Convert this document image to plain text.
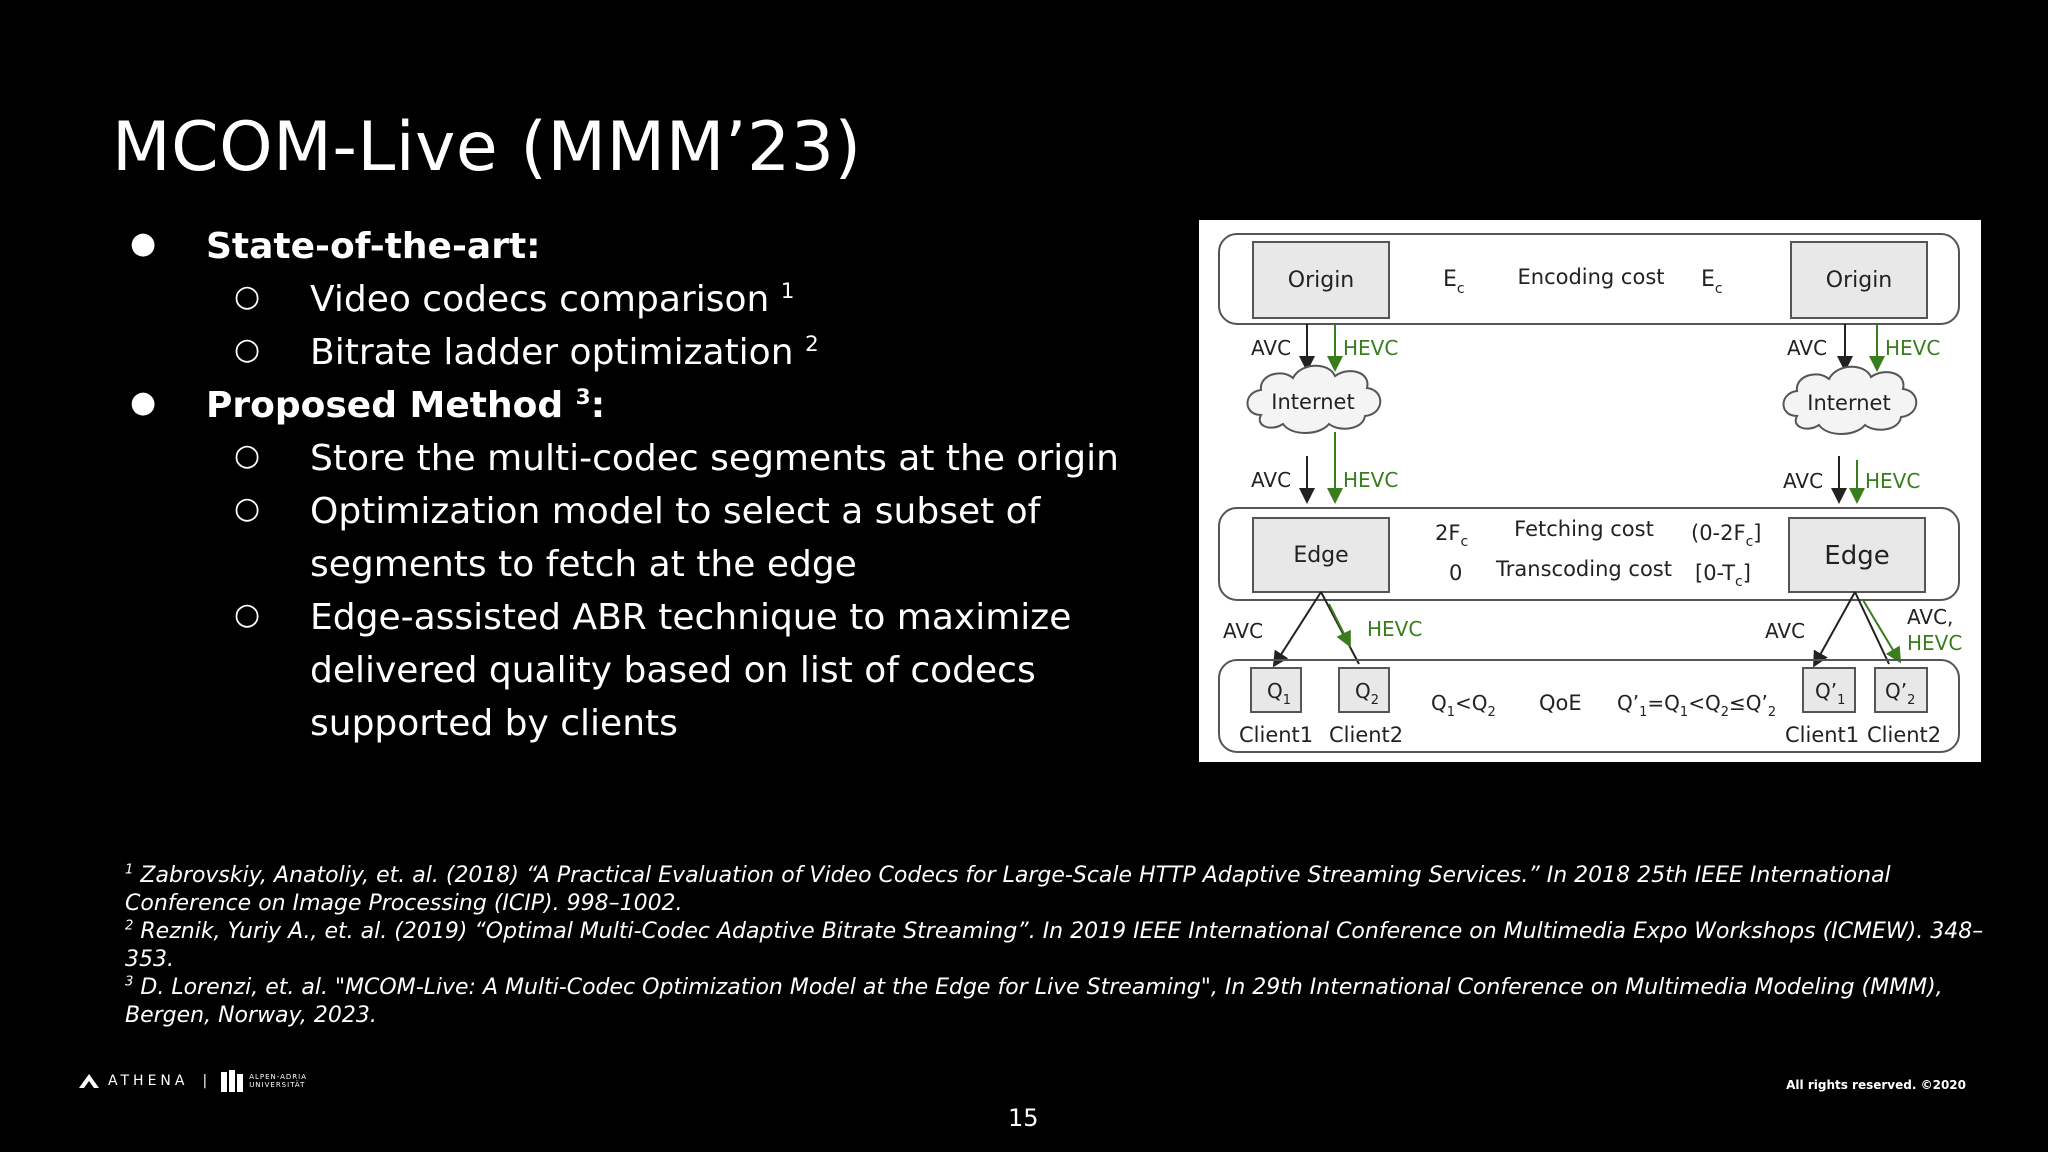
MCOM-Live (MMM’23)
● State-of-the-art:
○ Video codecs comparison $^1$
○ Bitrate ladder optimization $^2$
● Proposed Method $^3$:
○ Store the multi-codec segments at the origin
○ Optimization model to select a subset of
segments to fetch at the edge
○ Edge-assisted ABR technique to maximize
delivered quality based on list of codecs
supported by clients
Origin	Origin
$E_c$	Encoding cost $E_c$
AVC	HEVC	AVC	HEVC
Internet	Internet
AVC	HEVC	AVC HEVC
Edge	Edge
$2F_c$
Fetching cost $(0-2F_c]$
0 Transcoding cost $[0-T_c]$
AVC	HEVC	AVC
AVC,
HEVC
$Q_1$	$Q_2$
Client1 Client2
$Q_1<Q_2$ QoE $Q’_1=Q_1<Q_2\le Q’_2$
$Q’_1$ $Q’_2$
Client1 Client2
$^1$ Zabrovskiy, Anatoliy, et. al. (2018) “A Practical Evaluation of Video Codecs for Large-Scale HTTP Adaptive Streaming Services.” In 2018 25th IEEE International Conference on Image Processing (ICIP). 998–1002.
$^2$ Reznik, Yuriy A., et. al. (2019) “Optimal Multi-Codec Adaptive Bitrate Streaming”. In 2019 IEEE International Conference on Multimedia Expo Workshops (ICMEW). 348–353.
$^3$ D. Lorenzi, et. al. "MCOM-Live: A Multi-Codec Optimization Model at the Edge for Live Streaming", In 29th International Conference on Multimedia Modeling (MMM), Bergen, Norway, 2023.
ATHENA |	ALPEN-ADRIA
UNIVERSITÄT	All rights reserved. ©2020
15
